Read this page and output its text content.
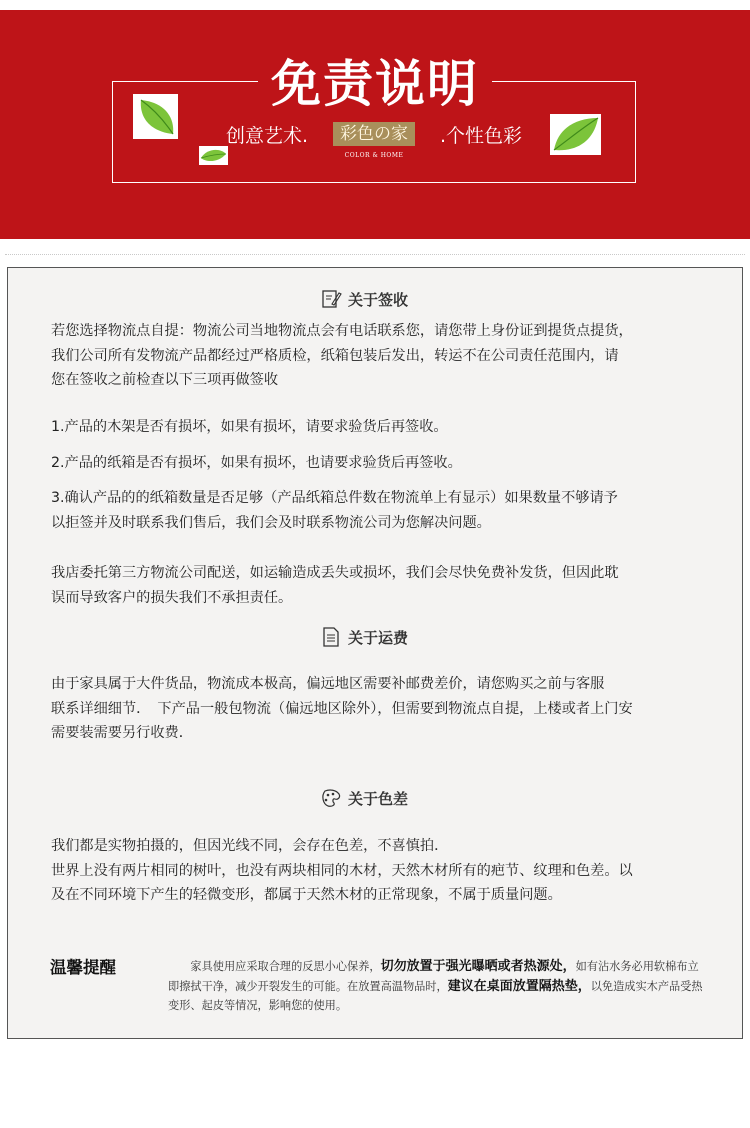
免责说明
创意艺术.	彩色の家
COLOR & HOME
.个性色彩
关于签收

若您选择物流点自提：物流公司当地物流点会有电话联系您，请您带上身份证到提货点提货，

我们公司所有发物流产品都经过严格质检，纸箱包装后发出，转运不在公司责任范围内，请

您在签收之前检查以下三项再做签收

1.产品的木架是否有损坏，如果有损坏，请要求验货后再签收。

2.产品的纸箱是否有损坏，如果有损坏，也请要求验货后再签收。

3.确认产品的的纸箱数量是否足够（产品纸箱总件数在物流单上有显示）如果数量不够请予

以拒签并及时联系我们售后，我们会及时联系物流公司为您解决问题。

我店委托第三方物流公司配送，如运输造成丢失或损坏，我们会尽快免费补发货，但因此耽

误而导致客户的损失我们不承担责任。

关于运费

由于家具属于大件货品，物流成本极高，偏远地区需要补邮费差价，请您购买之前与客服

联系详细细节．　下产品一般包物流（偏远地区除外），但需要到物流点自提，上楼或者上门安

需要装需要另行收费．

关于色差

我们都是实物拍摄的，但因光线不同，会存在色差，不喜慎拍．

世界上没有两片相同的树叶，也没有两块相同的木材，天然木材所有的疤节、纹理和色差。以

及在不同环境下产生的轻微变形，都属于天然木材的正常现象，不属于质量问题。

温馨提醒	　　家具使用应采取合理的反思小心保养，切勿放置于强光曝晒或者热源处，如有沾水务必用软棉布立即擦拭干净，减少开裂发生的可能。在放置高温物品时，建议在桌面放置隔热垫，以免造成实木产品受热变形、起皮等情况，影响您的使用。
